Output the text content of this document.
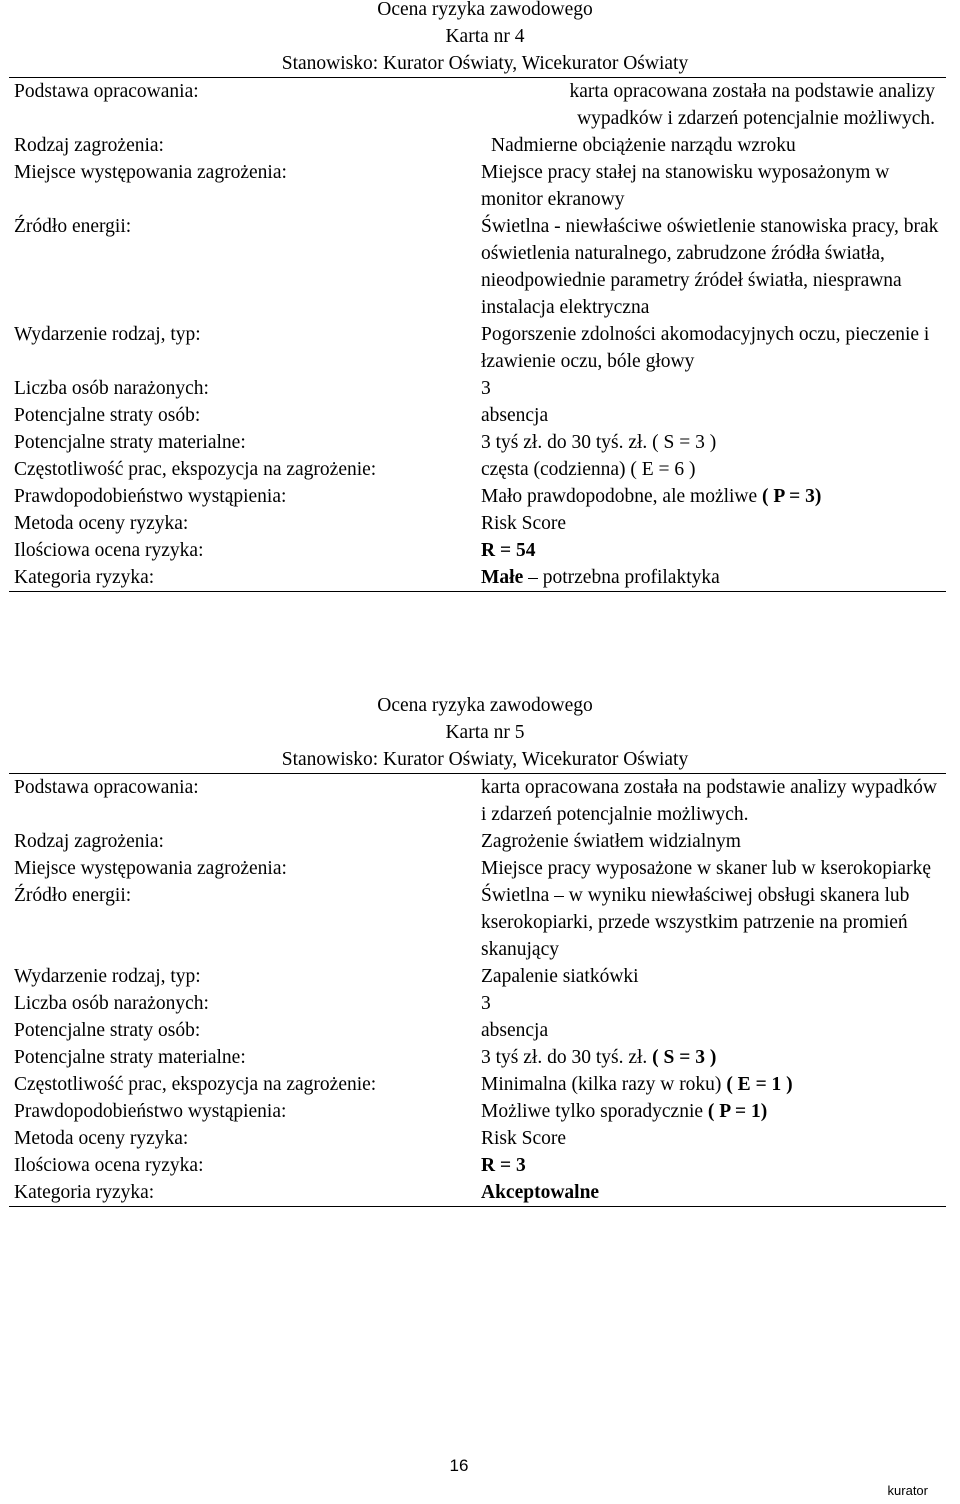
Ocena ryzyka zawodowego
Karta nr 4
Stanowisko: Kurator Oświaty, Wicekurator Oświaty
Podstawa opracowania:	karta opracowana została na podstawie analizy wypadków i zdarzeń potencjalnie możliwych.
Rodzaj zagrożenia:	Nadmierne obciążenie narządu wzroku
Miejsce występowania zagrożenia:	Miejsce pracy stałej na stanowisku wyposażonym w monitor ekranowy
Źródło energii:	Świetlna - niewłaściwe oświetlenie stanowiska pracy, brak oświetlenia naturalnego, zabrudzone źródła światła, nieodpowiednie parametry źródeł światła, niesprawna instalacja elektryczna
Wydarzenie rodzaj, typ:	Pogorszenie zdolności akomodacyjnych oczu, pieczenie i łzawienie oczu, bóle głowy
Liczba osób narażonych:	3
Potencjalne straty osób:	absencja
Potencjalne straty materialne:	3 tyś zł. do 30 tyś. zł. ( S = 3 )
Częstotliwość prac, ekspozycja na zagrożenie:	częsta (codzienna) ( E = 6 )
Prawdopodobieństwo wystąpienia:	Mało prawdopodobne, ale możliwe ( P = 3)
Metoda oceny ryzyka:	Risk Score
Ilościowa ocena ryzyka:	R = 54
Kategoria ryzyka:	Małe – potrzebna profilaktyka
Ocena ryzyka zawodowego
Karta nr 5
Stanowisko: Kurator Oświaty, Wicekurator Oświaty
Podstawa opracowania:	karta opracowana została na podstawie analizy wypadków i zdarzeń potencjalnie możliwych.
Rodzaj zagrożenia:	Zagrożenie światłem widzialnym
Miejsce występowania zagrożenia:	Miejsce pracy wyposażone w skaner lub w kserokopiarkę
Źródło energii:	Świetlna – w wyniku niewłaściwej obsługi skanera lub kserokopiarki, przede wszystkim patrzenie na promień skanujący
Wydarzenie rodzaj, typ:	Zapalenie siatkówki
Liczba osób narażonych:	3
Potencjalne straty osób:	absencja
Potencjalne straty materialne:	3 tyś zł. do 30 tyś. zł. ( S = 3 )
Częstotliwość prac, ekspozycja na zagrożenie:	Minimalna (kilka razy w roku) ( E = 1 )
Prawdopodobieństwo wystąpienia:	Możliwe tylko sporadycznie ( P = 1)
Metoda oceny ryzyka:	Risk Score
Ilościowa ocena ryzyka:	R = 3
Kategoria ryzyka:	Akceptowalne
16
kurator
